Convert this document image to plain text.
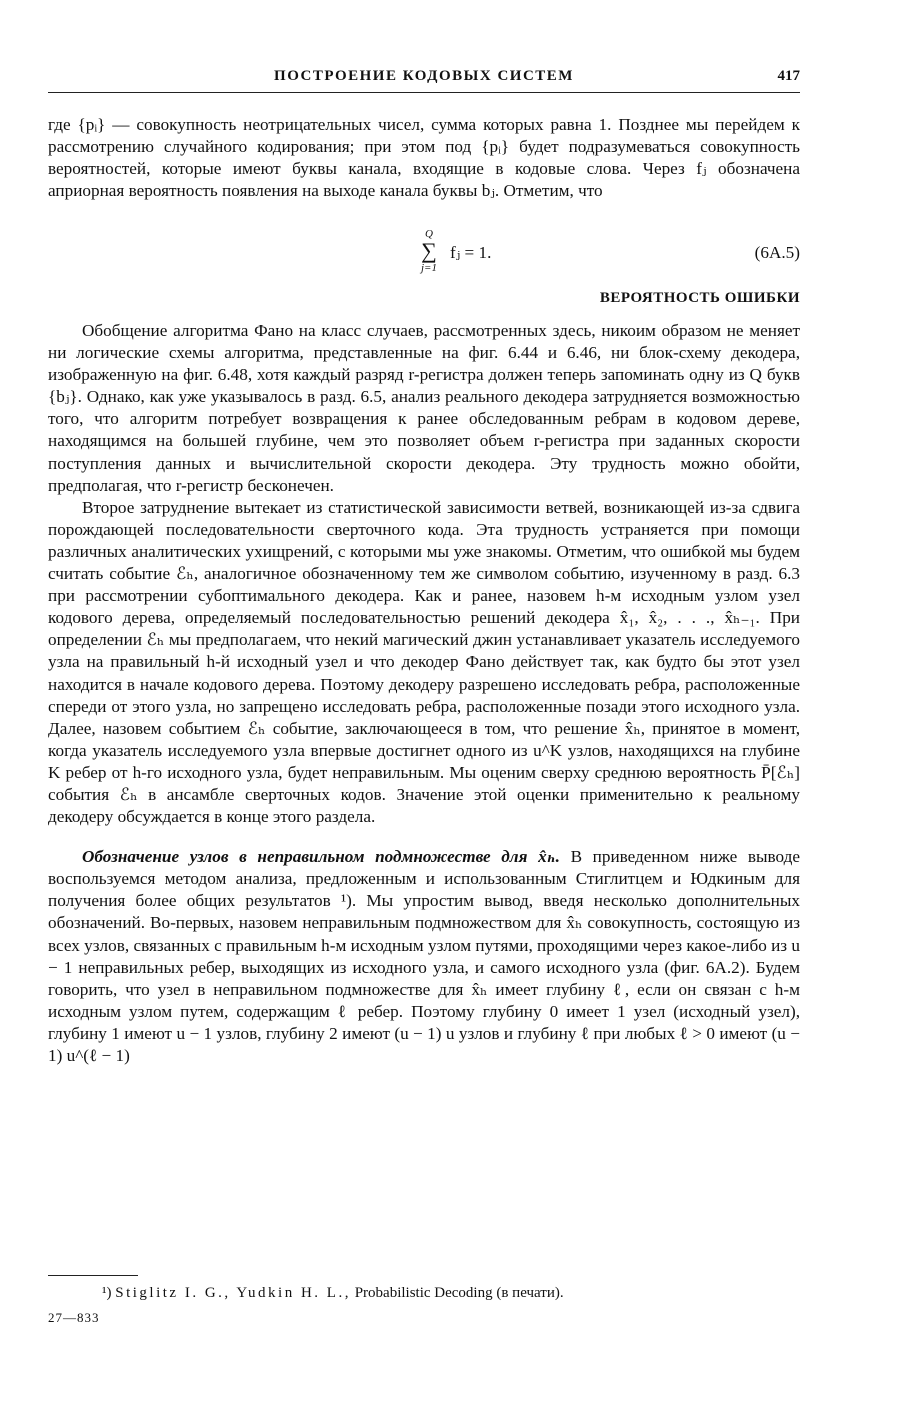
ПОСТРОЕНИЕ КОДОВЫХ СИСТЕМ	417

где {pᵢ} — совокупность неотрицательных чисел, сумма которых равна 1. Позднее мы перейдем к рассмотрению случайного кодирования; при этом под {pᵢ} будет подразумеваться совокупность вероятностей, которые имеют буквы канала, входящие в кодовые слова. Через fⱼ обозначена априорная вероятность появления на выходе канала буквы bⱼ. Отметим, что

Q
∑
j=1
fⱼ = 1.	(6А.5)
ВЕРОЯТНОСТЬ ОШИБКИ

Обобщение алгоритма Фано на класс случаев, рассмотренных здесь, никоим образом не меняет ни логические схемы алгоритма, представленные на фиг. 6.44 и 6.46, ни блок-схему декодера, изображенную на фиг. 6.48, хотя каждый разряд r-регистра должен теперь запоминать одну из Q букв {bⱼ}. Однако, как уже указывалось в разд. 6.5, анализ реального декодера затрудняется возможностью того, что алгоритм потребует возвращения к ранее обследованным ребрам в кодовом дереве, находящимся на большей глубине, чем это позволяет объем r-регистра при заданных скорости поступления данных и вычислительной скорости декодера. Эту трудность можно обойти, предполагая, что r-регистр бесконечен.

Второе затруднение вытекает из статистической зависимости ветвей, возникающей из-за сдвига порождающей последовательности сверточного кода. Эта трудность устраняется при помощи различных аналитических ухищрений, с которыми мы уже знакомы. Отметим, что ошибкой мы будем считать событие ℰₕ, аналогичное обозначенному тем же символом событию, изученному в разд. 6.3 при рассмотрении субоптимального декодера. Как и ранее, назовем h-м исходным узлом узел кодового дерева, определяемый последовательностью решений декодера x̂₁, x̂₂, . . ., x̂ₕ₋₁. При определении ℰₕ мы предполагаем, что некий магический джин устанавливает указатель исследуемого узла на правильный h-й исходный узел и что декодер Фано действует так, как будто бы этот узел находится в начале кодового дерева. Поэтому декодеру разрешено исследовать ребра, расположенные спереди от этого узла, но запрещено исследовать ребра, расположенные позади этого исходного узла. Далее, назовем событием ℰₕ событие, заключающееся в том, что решение x̂ₕ, принятое в момент, когда указатель исследуемого узла впервые достигнет одного из u^K узлов, находящихся на глубине K ребер от h-го исходного узла, будет неправильным. Мы оценим сверху среднюю вероятность P̄[ℰₕ] события ℰₕ в ансамбле сверточных кодов. Значение этой оценки применительно к реальному декодеру обсуждается в конце этого раздела.

Обозначение узлов в неправильном подмножестве для x̂ₕ. В приведенном ниже выводе воспользуемся методом анализа, предложенным и использованным Стиглитцем и Юдкиным для получения более общих результатов ¹). Мы упростим вывод, введя несколько дополнительных обозначений. Во-первых, назовем неправильным подмножеством для x̂ₕ совокупность, состоящую из всех узлов, связанных с правильным h-м исходным узлом путями, проходящими через какое-либо из u − 1 неправильных ребер, выходящих из исходного узла, и самого исходного узла (фиг. 6А.2). Будем говорить, что узел в неправильном подмножестве для x̂ₕ имеет глубину ℓ, если он связан с h-м исходным узлом путем, содержащим ℓ ребер. Поэтому глубину 0 имеет 1 узел (исходный узел), глубину 1 имеют u − 1 узлов, глубину 2 имеют (u − 1) u узлов и глубину ℓ при любых ℓ > 0 имеют (u − 1) u^(ℓ − 1)

¹) Stiglitz I. G., Yudkin H. L., Probabilistic Decoding (в печати).
27—833
